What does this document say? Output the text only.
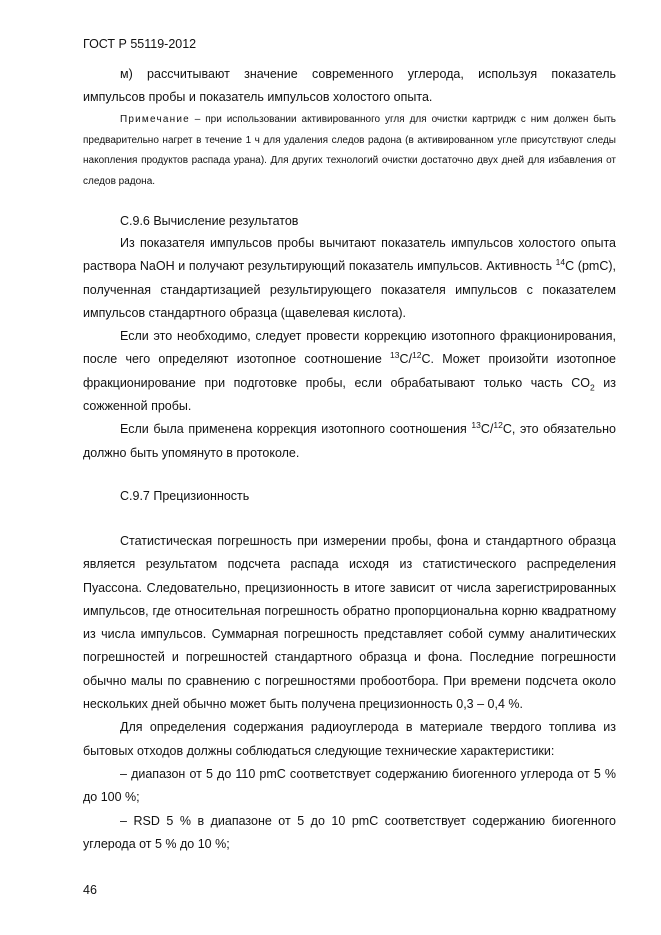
ГОСТ Р 55119-2012

м) рассчитывают значение современного углерода, используя показатель импульсов пробы и показатель импульсов холостого опыта.

Примечание – при использовании активированного угля для очистки картридж с ним должен быть предварительно нагрет в течение 1 ч для удаления следов радона (в активированном угле присутствуют следы накопления продуктов распада урана). Для других технологий очистки достаточно двух дней для избавления от следов радона.

С.9.6 Вычисление результатов

Из показателя импульсов пробы вычитают показатель импульсов холостого опыта раствора NaOH и получают результирующий показатель импульсов. Активность $^{14}$C (pmC), полученная стандартизацией результирующего показателя импульсов с показателем импульсов стандартного образца (щавелевая кислота).

Если это необходимо, следует провести коррекцию изотопного фракционирования, после чего определяют изотопное соотношение $^{13}$C/$^{12}$C. Может произойти изотопное фракционирование при подготовке пробы, если обрабатывают только часть $CO_2$ из сожженной пробы.

Если была применена коррекция изотопного соотношения $^{13}$C/$^{12}$C, это обязательно должно быть упомянуто в протоколе.

С.9.7 Прецизионность

Статистическая погрешность при измерении пробы, фона и стандартного образца является результатом подсчета распада исходя из статистического распределения Пуассона. Следовательно, прецизионность в итоге зависит от числа зарегистрированных импульсов, где относительная погрешность обратно пропорциональна корню квадратному из числа импульсов. Суммарная погрешность представляет собой сумму аналитических погрешностей и погрешностей стандартного образца и фона. Последние погрешности обычно малы по сравнению с погрешностями пробоотбора. При времени подсчета около нескольких дней обычно может быть получена прецизионность 0,3 – 0,4 %.

Для определения содержания радиоуглерода в материале твердого топлива из бытовых отходов должны соблюдаться следующие технические характеристики:

– диапазон от 5 до 110 pmC соответствует содержанию биогенного углерода от 5 % до 100 %;

– RSD 5 % в диапазоне от 5 до 10 pmC соответствует содержанию биогенного углерода от 5 % до 10 %;

46
